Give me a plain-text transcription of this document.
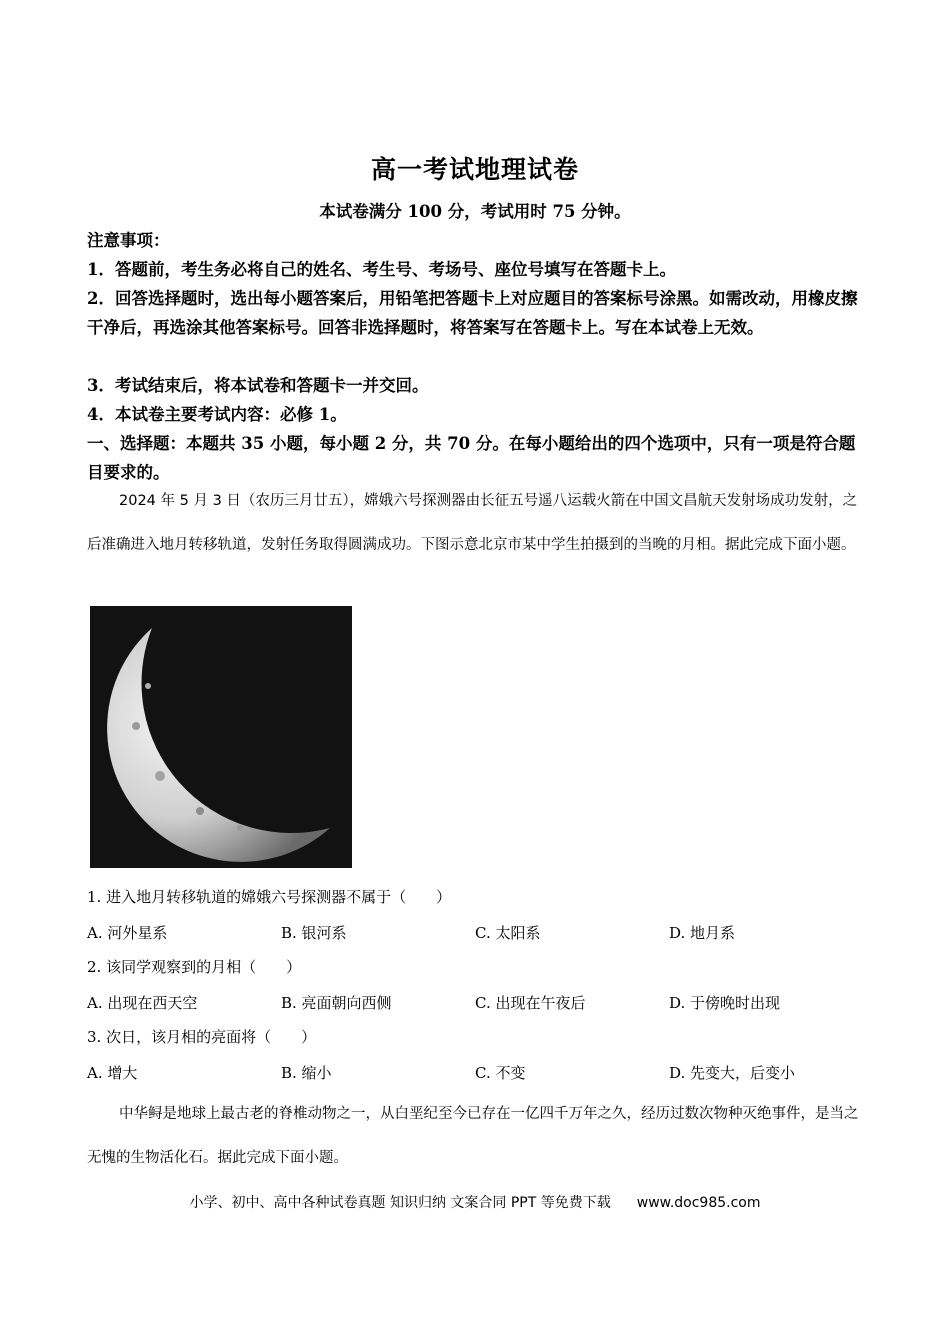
高一考试地理试卷
本试卷满分 100 分，考试用时 75 分钟。
注意事项：
1．答题前，考生务必将自己的姓名、考生号、考场号、座位号填写在答题卡上。
2．回答选择题时，选出每小题答案后，用铅笔把答题卡上对应题目的答案标号涂黑。如需改动，用橡皮擦干净后，再选涂其他答案标号。回答非选择题时，将答案写在答题卡上。写在本试卷上无效。
3．考试结束后，将本试卷和答题卡一并交回。
4．本试卷主要考试内容：必修 1。
一、选择题：本题共 35 小题，每小题 2 分，共 70 分。在每小题给出的四个选项中，只有一项是符合题目要求的。
2024 年 5 月 3 日（农历三月廿五），嫦娥六号探测器由长征五号遥八运载火箭在中国文昌航天发射场成功发射，之后准确进入地月转移轨道，发射任务取得圆满成功。下图示意北京市某中学生拍摄到的当晚的月相。据此完成下面小题。
1. 进入地月转移轨道的嫦娥六号探测器不属于（　　）
A. 河外星系	B. 银河系	C. 太阳系	D. 地月系
2. 该同学观察到的月相（　　）
A. 出现在西天空	B. 亮面朝向西侧	C. 出现在午夜后	D. 于傍晚时出现
3. 次日，该月相的亮面将（　　）
A. 增大	B. 缩小	C. 不变	D. 先变大，后变小
中华鲟是地球上最古老的脊椎动物之一，从白垩纪至今已存在一亿四千万年之久，经历过数次物种灭绝事件，是当之无愧的生物活化石。据此完成下面小题。
小学、初中、高中各种试卷真题 知识归纳 文案合同 PPT 等免费下载 www.doc985.com
